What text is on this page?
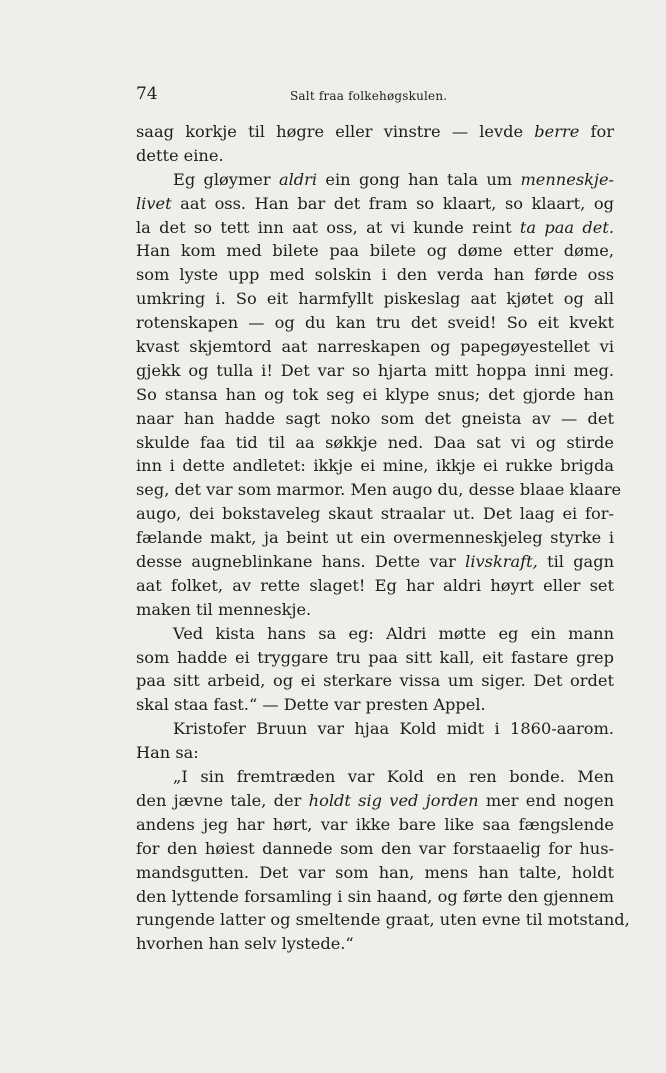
74	Salt fraa folkehøgskulen.
saag korkje til høgre eller vinstre — levde berre for
dette eine.
Eg gløymer aldri ein gong han tala um menneskje-
livet aat oss. Han bar det fram so klaart, so klaart, og
la det so tett inn aat oss, at vi kunde reint ta paa det.
Han kom med bilete paa bilete og døme etter døme,
som lyste upp med solskin i den verda han førde oss
umkring i. So eit harmfyllt piskeslag aat kjøtet og all
rotenskapen — og du kan tru det sveid! So eit kvekt
kvast skjemtord aat narreskapen og papegøyestellet vi
gjekk og tulla i! Det var so hjarta mitt hoppa inni meg.
So stansa han og tok seg ei klype snus; det gjorde han
naar han hadde sagt noko som det gneista av — det
skulde faa tid til aa søkkje ned. Daa sat vi og stirde
inn i dette andletet: ikkje ei mine, ikkje ei rukke brigda
seg, det var som marmor. Men augo du, desse blaae klaare
augo, dei bokstaveleg skaut straalar ut. Det laag ei for-
fælande makt, ja beint ut ein overmenneskjeleg styrke i
desse augneblinkane hans. Dette var livskraft, til gagn
aat folket, av rette slaget! Eg har aldri høyrt eller set
maken til menneskje.
Ved kista hans sa eg: Aldri møtte eg ein mann
som hadde ei tryggare tru paa sitt kall, eit fastare grep
paa sitt arbeid, og ei sterkare vissa um siger. Det ordet
skal staa fast.“ — Dette var presten Appel.
Kristofer Bruun var hjaa Kold midt i 1860-aarom.
Han sa:
„I sin fremtræden var Kold en ren bonde. Men
den jævne tale, der holdt sig ved jorden mer end nogen
andens jeg har hørt, var ikke bare like saa fængslende
for den høiest dannede som den var forstaaelig for hus-
mandsgutten. Det var som han, mens han talte, holdt
den lyttende forsamling i sin haand, og førte den gjennem
rungende latter og smeltende graat, uten evne til motstand,
hvorhen han selv lystede.“
